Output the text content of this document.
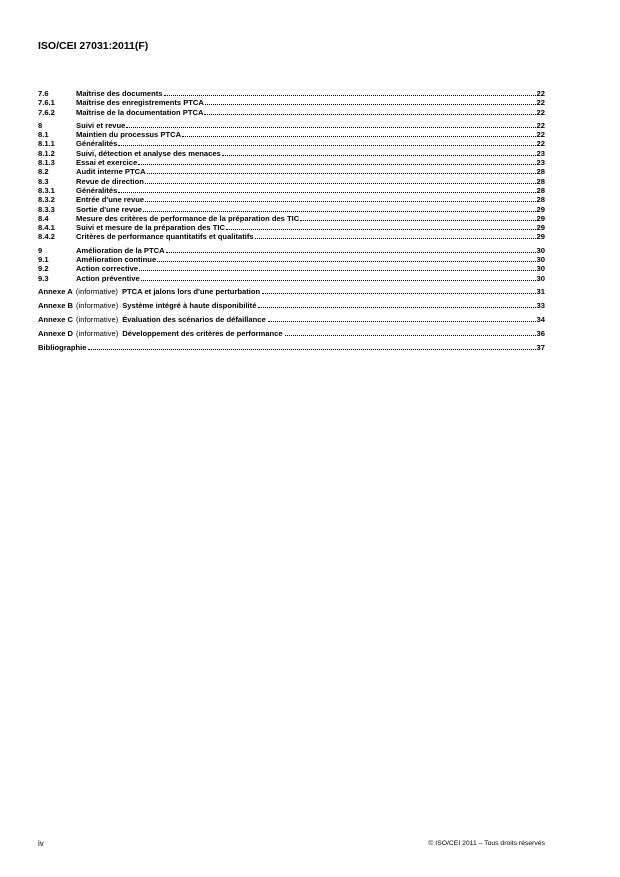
ISO/CEI 27031:2011(F)
7.6	Maîtrise des documents	22
7.6.1	Maîtrise des enregistrements PTCA	22
7.6.2	Maîtrise de la documentation PTCA	22
8	Suivi et revue	22
8.1	Maintien du processus PTCA	22
8.1.1	Généralités	22
8.1.2	Suivi, détection et analyse des menaces	23
8.1.3	Essai et exercice	23
8.2	Audit interne PTCA	28
8.3	Revue de direction	28
8.3.1	Généralités	28
8.3.2	Entrée d'une revue	28
8.3.3	Sortie d'une revue	29
8.4	Mesure des critères de performance de la préparation des TIC	29
8.4.1	Suivi et mesure de la préparation des TIC	29
8.4.2	Critères de performance quantitatifs et qualitatifs	29
9	Amélioration de la PTCA	30
9.1	Amélioration continue	30
9.2	Action corrective	30
9.3	Action préventive	30
Annexe A (informative) PTCA et jalons lors d'une perturbation	31
Annexe B (informative) Système intégré à haute disponibilité	33
Annexe C (informative) Évaluation des scénarios de défaillance	34
Annexe D (informative) Développement des critères de performance	36
Bibliographie	37
iv	© ISO/CEI 2011 – Tous droits réservés
